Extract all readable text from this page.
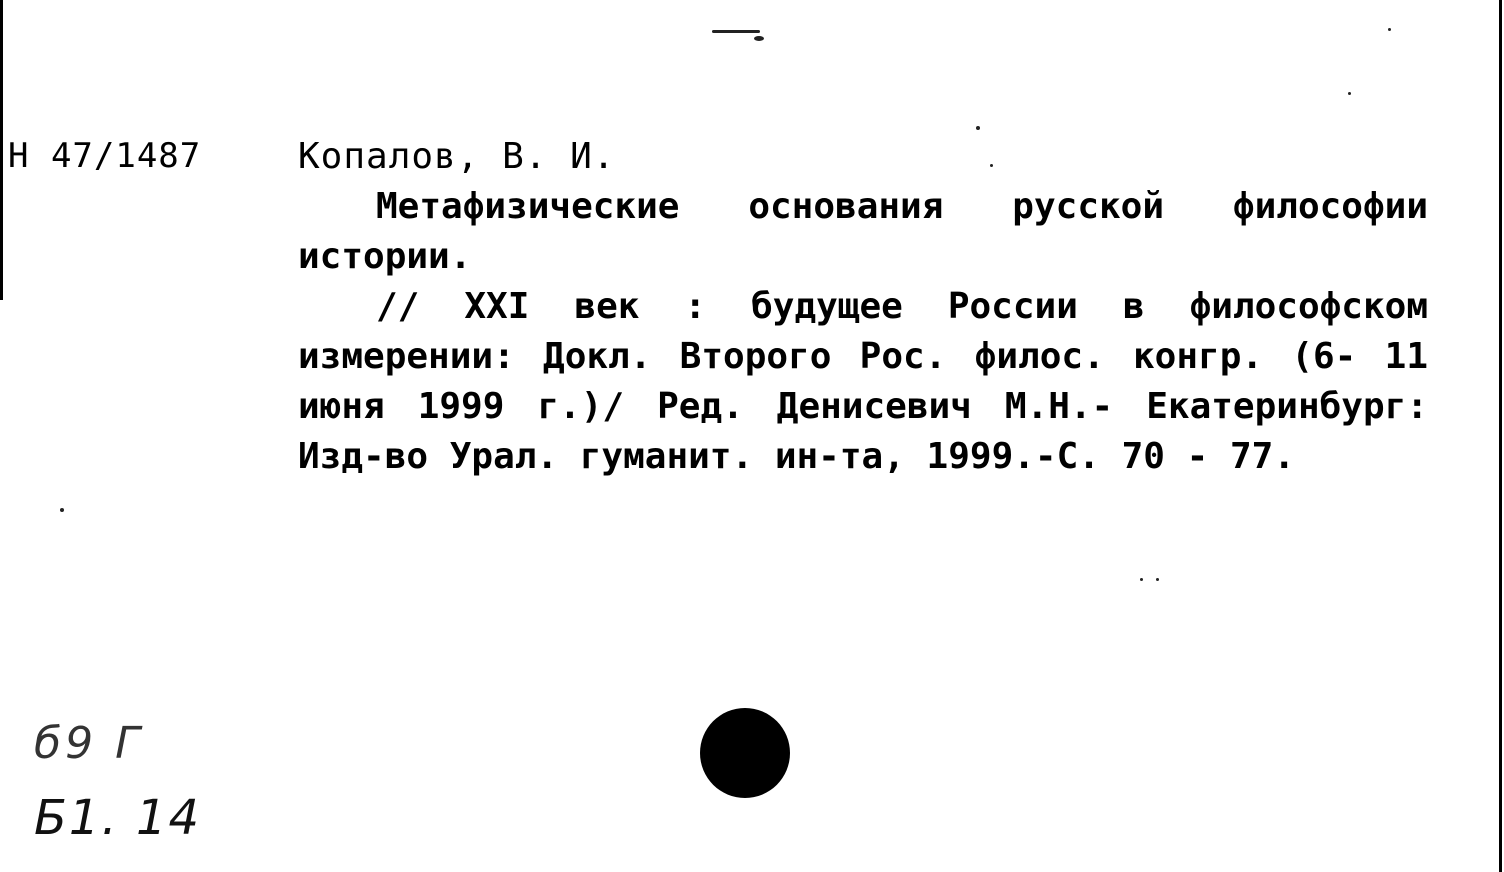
Н 47/1487	Копалов, В. И.

Метафизические основания русской философии истории.

// XXI век : будущее России в философском измерении: Докл. Второго Рос. филос. конгр. (6- 11 июня 1999 г.)/ Ред. Денисевич М.Н.- Екатеринбург: Изд-во Урал. гуманит. ин-та, 1999.-С. 70 - 77.

б9 Г
Б1. 14
